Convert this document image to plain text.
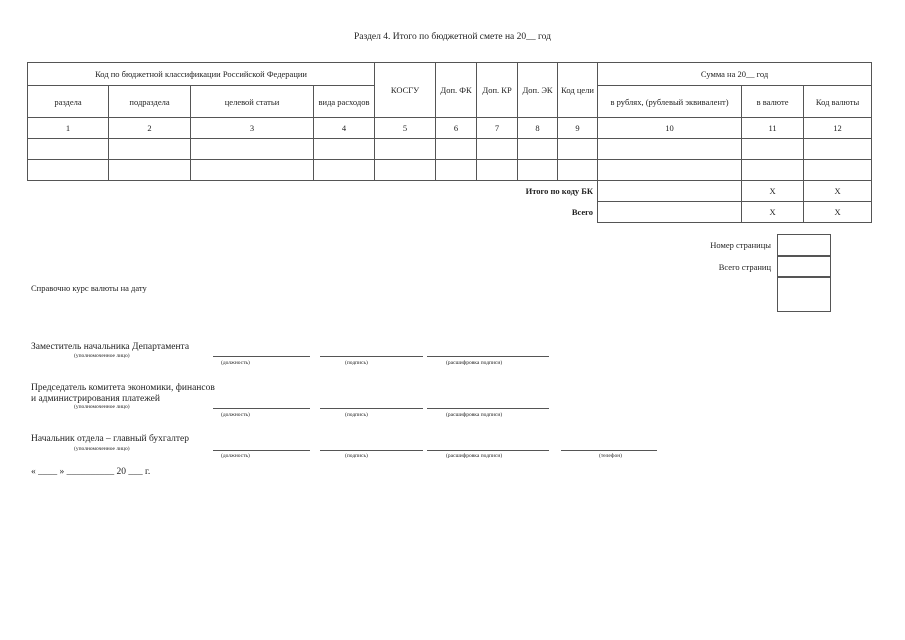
Раздел 4. Итого по бюджетной смете на 20__ год
Код по бюджетной классификации Российской Федерации				КОСГУ	Доп. ФК	Доп. КР	Доп. ЭК	Код цели	Сумма на 20__ год		
раздела	подраздела	целевой статьи	вида расходов						в рублях, (рублевый эквивалент)	в валюте	Код валюты
1	2	3	4	5	6	7	8	9	10	11	12

Итого по коду БК										X	X
Всего										X	X
Номер страницы
Всего страниц
Справочно курс валюты на дату
Заместитель начальника Департамента
(уполномоченное лицо)
(должность)	(подпись)	(расшифровка подписи)
Председатель комитета экономики, финансов и администрирования платежей
(уполномоченное лицо)
(должность)	(подпись)	(расшифровка подписи)
Начальник отдела – главный бухгалтер
(уполномоченное лицо)
(должность)	(подпись)	(расшифровка подписи)	(телефон)
« ____ » __________ 20 ___ г.
